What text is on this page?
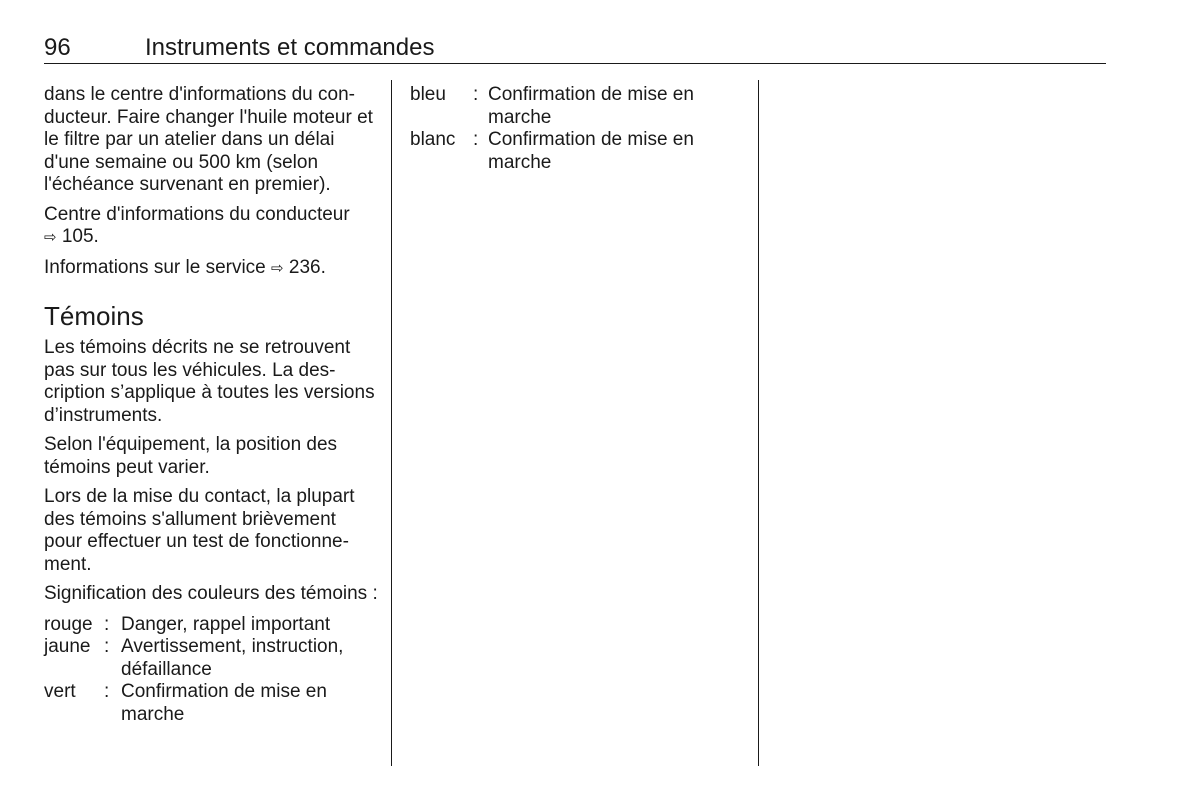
96	Instruments et commandes

dans le centre d'informations du conducteur. Faire changer l'huile moteur et le filtre par un atelier dans un délai d'une semaine ou 500 km (selon l'échéance survenant en premier).

Centre d'informations du conducteur
⇨ 105.

Informations sur le service ⇨ 236.

Témoins

Les témoins décrits ne se retrouvent pas sur tous les véhicules. La description s’applique à toutes les versions d’instruments.

Selon l'équipement, la position des témoins peut varier.

Lors de la mise du contact, la plupart des témoins s'allument brièvement pour effectuer un test de fonctionnement.

Signification des couleurs des témoins :

rouge : Danger, rappel important
jaune : Avertissement, instruction, défaillance
vert	: Confirmation de mise en marche
bleu	: Confirmation de mise en marche
blanc : Confirmation de mise en marche
